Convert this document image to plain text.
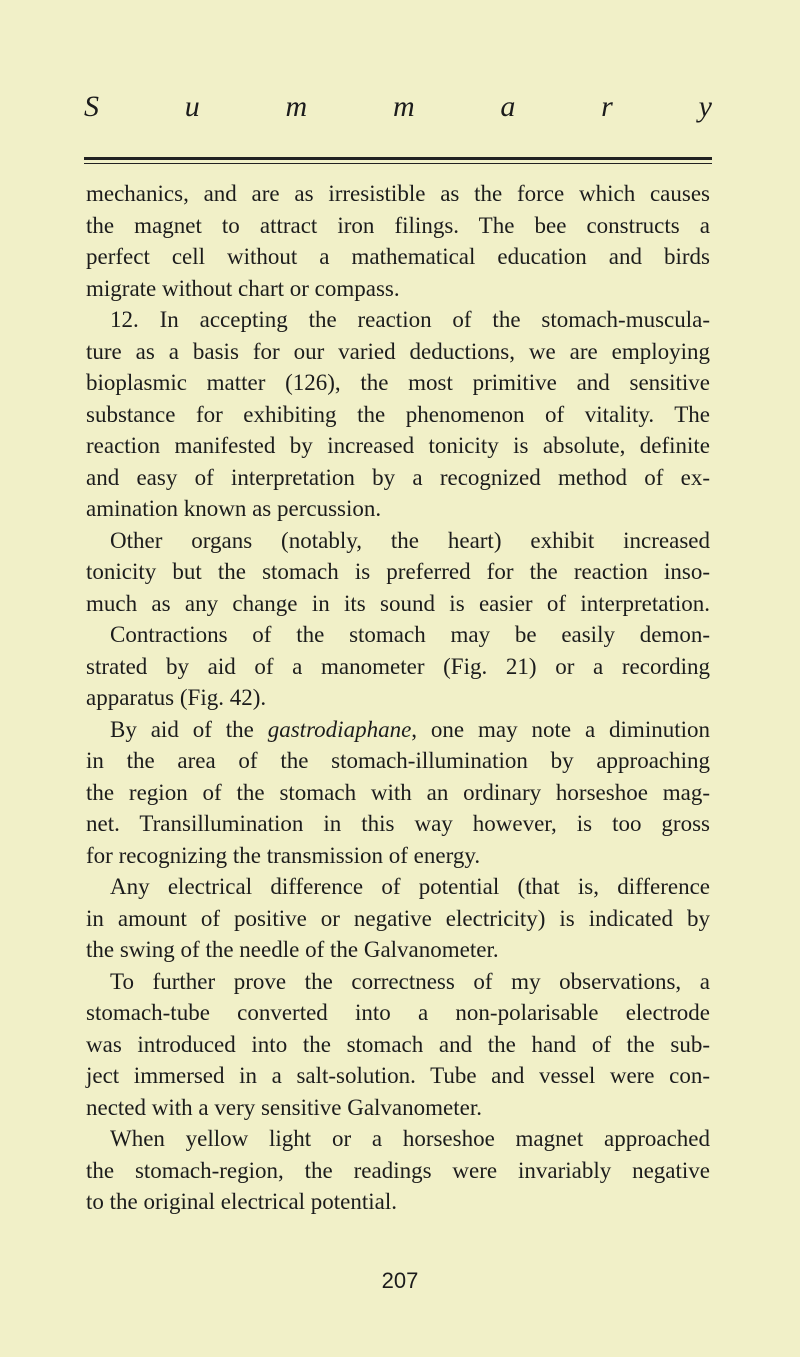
S	u	m	m	a	r	y
mechanics, and are as irresistible as the force which causes
the magnet to attract iron filings. The bee constructs a
perfect cell without a mathematical education and birds
migrate without chart or compass.
12. In accepting the reaction of the stomach-muscula-
ture as a basis for our varied deductions, we are employing
bioplasmic matter (126), the most primitive and sensitive
substance for exhibiting the phenomenon of vitality. The
reaction manifested by increased tonicity is absolute, definite
and easy of interpretation by a recognized method of ex-
amination known as percussion.
Other organs (notably, the heart) exhibit increased
tonicity but the stomach is preferred for the reaction inso-
much as any change in its sound is easier of interpretation.
Contractions of the stomach may be easily demon-
strated by aid of a manometer (Fig. 21) or a recording
apparatus (Fig. 42).
By aid of the gastrodiaphane, one may note a diminution
in the area of the stomach-illumination by approaching
the region of the stomach with an ordinary horseshoe mag-
net. Transillumination in this way however, is too gross
for recognizing the transmission of energy.
Any electrical difference of potential (that is, difference
in amount of positive or negative electricity) is indicated by
the swing of the needle of the Galvanometer.
To further prove the correctness of my observations, a
stomach-tube converted into a non-polarisable electrode
was introduced into the stomach and the hand of the sub-
ject immersed in a salt-solution. Tube and vessel were con-
nected with a very sensitive Galvanometer.
When yellow light or a horseshoe magnet approached
the stomach-region, the readings were invariably negative
to the original electrical potential.
207
